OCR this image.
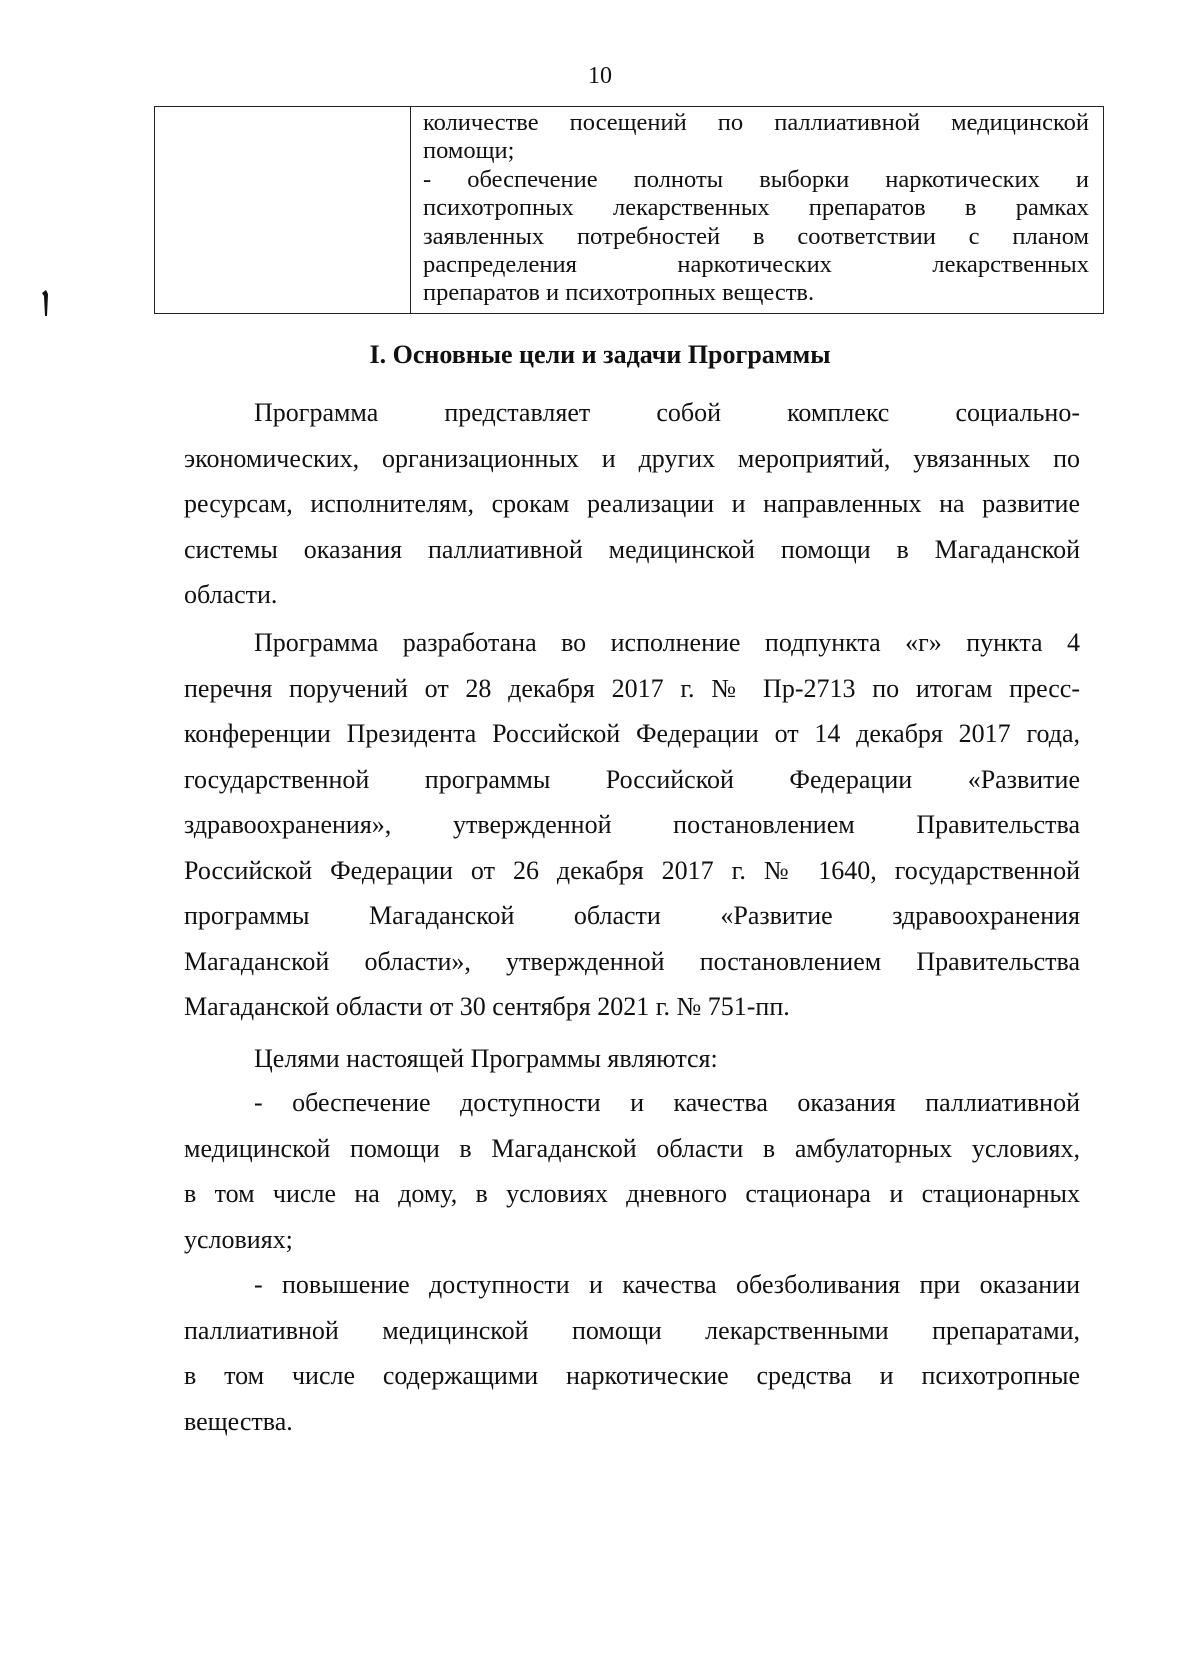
10
количестве посещений по паллиативной медицинской
помощи;
- обеспечение полноты выборки наркотических и
психотропных лекарственных препаратов в рамках
заявленных потребностей в соответствии с планом
распределения наркотических лекарственных
препаратов и психотропных веществ.
I. Основные цели и задачи Программы
Программа представляет собой комплекс социально-
экономических, организационных и других мероприятий, увязанных по
ресурсам, исполнителям, срокам реализации и направленных на развитие
системы оказания паллиативной медицинской помощи в Магаданской
области.
Программа разработана во исполнение подпункта «г» пункта 4
перечня поручений от 28 декабря 2017 г. № Пр-2713 по итогам пресс-
конференции Президента Российской Федерации от 14 декабря 2017 года,
государственной программы Российской Федерации «Развитие
здравоохранения», утвержденной постановлением Правительства
Российской Федерации от 26 декабря 2017 г. № 1640, государственной
программы Магаданской области «Развитие здравоохранения
Магаданской области», утвержденной постановлением Правительства
Магаданской области от 30 сентября 2021 г. № 751-пп.
Целями настоящей Программы являются:
- обеспечение доступности и качества оказания паллиативной
медицинской помощи в Магаданской области в амбулаторных условиях,
в том числе на дому, в условиях дневного стационара и стационарных
условиях;
- повышение доступности и качества обезболивания при оказании
паллиативной медицинской помощи лекарственными препаратами,
в том числе содержащими наркотические средства и психотропные
вещества.
